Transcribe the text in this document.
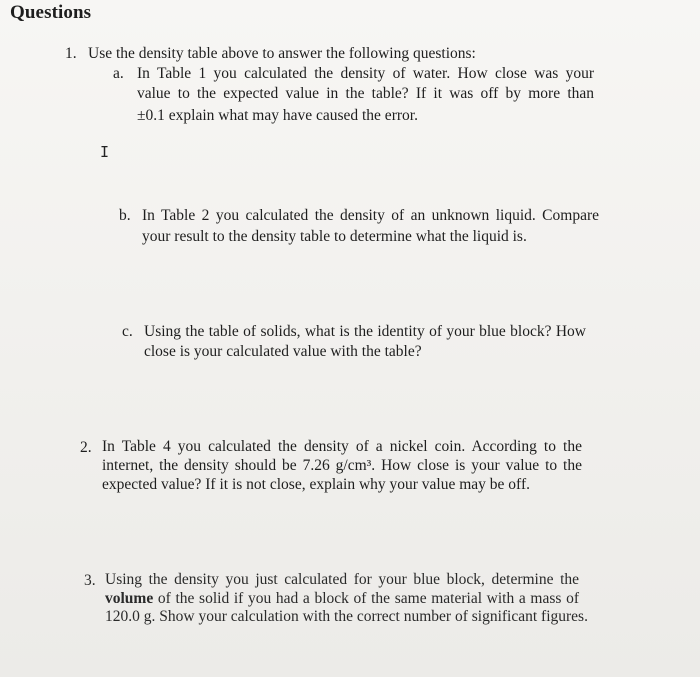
Questions
1. Use the density table above to answer the following questions:
a. In Table 1 you calculated the density of water. How close was your
value to the expected value in the table? If it was off by more than
±0.1 explain what may have caused the error.
I
b. In Table 2 you calculated the density of an unknown liquid. Compare
your result to the density table to determine what the liquid is.
c. Using the table of solids, what is the identity of your blue block? How
close is your calculated value with the table?
2. In Table 4 you calculated the density of a nickel coin. According to the
internet, the density should be 7.26 g/cm³. How close is your value to the
expected value? If it is not close, explain why your value may be off.
3. Using the density you just calculated for your blue block, determine the
volume of the solid if you had a block of the same material with a mass of
120.0 g. Show your calculation with the correct number of significant figures.
